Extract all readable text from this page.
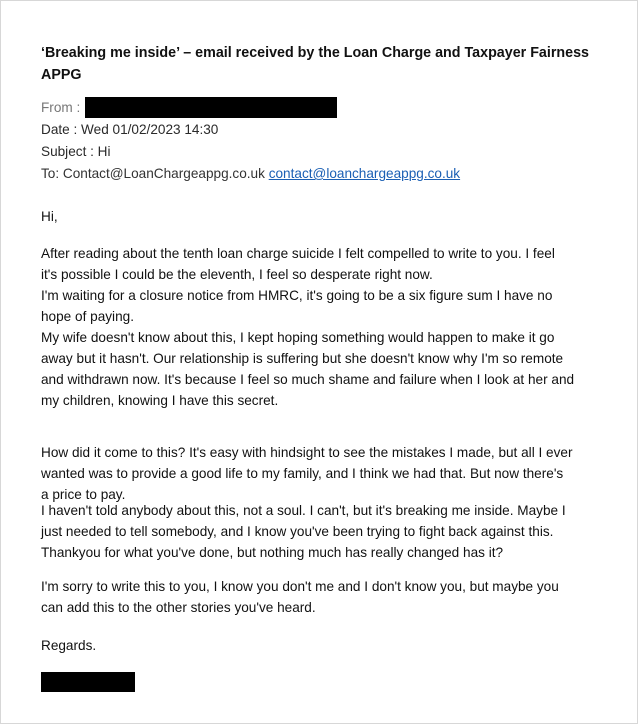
‘Breaking me inside’ – email received by the Loan Charge and Taxpayer Fairness APPG
From :
Date : Wed 01/02/2023 14:30
Subject : Hi
To: Contact@LoanChargeappg.co.uk contact@loanchargeappg.co.uk
Hi,
After reading about the tenth loan charge suicide I felt compelled to write to you. I feel
it's possible I could be the eleventh, I feel so desperate right now.
I'm waiting for a closure notice from HMRC, it's going to be a six figure sum I have no
hope of paying.
My wife doesn't know about this, I kept hoping something would happen to make it go
away but it hasn't. Our relationship is suffering but she doesn't know why I'm so remote
and withdrawn now. It's because I feel so much shame and failure when I look at her and
my children, knowing I have this secret.
How did it come to this? It's easy with hindsight to see the mistakes I made, but all I ever
wanted was to provide a good life to my family, and I think we had that. But now there's
a price to pay.
I haven't told anybody about this, not a soul. I can't, but it's breaking me inside. Maybe I
just needed to tell somebody, and I know you've been trying to fight back against this.
Thankyou for what you've done, but nothing much has really changed has it?
I'm sorry to write this to you, I know you don't me and I don't know you, but maybe you
can add this to the other stories you've heard.
Regards.
